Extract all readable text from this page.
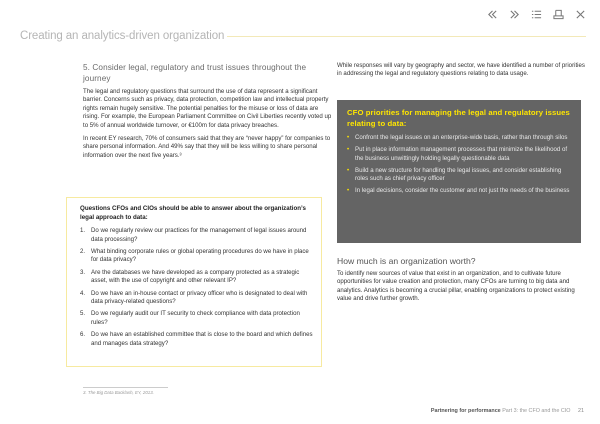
Creating an analytics-driven organization
5. Consider legal, regulatory and trust issues throughout the journey

The legal and regulatory questions that surround the use of data represent a significant barrier. Concerns such as privacy, data protection, competition law and intellectual property rights remain hugely sensitive. The potential penalties for the misuse or loss of data are rising. For example, the European Parliament Committee on Civil Liberties recently voted up to 5% of annual worldwide turnover, or €100m for data privacy breaches.

In recent EY research, 70% of consumers said that they are “never happy” for companies to share personal information. And 49% say that they will be less willing to share personal information over the next five years.³

Questions CFOs and CIOs should be able to answer about the organization’s legal approach to data:
1. Do we regularly review our practices for the management of legal issues around data processing?
2. What binding corporate rules or global operating procedures do we have in place for data privacy?
3. Are the databases we have developed as a company protected as a strategic asset, with the use of copyright and other relevant IP?
4. Do we have an in-house contact or privacy officer who is designated to deal with data privacy-related questions?
5. Do we regularly audit our IT security to check compliance with data protection rules?
6. Do we have an established committee that is close to the board and which defines and manages data strategy?

While responses will vary by geography and sector, we have identified a number of priorities in addressing the legal and regulatory questions relating to data usage.

CFO priorities for managing the legal and regulatory issues relating to data:
• Confront the legal issues on an enterprise-wide basis, rather than through silos
• Put in place information management processes that minimize the likelihood of the business unwittingly holding legally questionable data
• Build a new structure for handling the legal issues, and consider establishing roles such as chief privacy officer
• In legal decisions, consider the customer and not just the needs of the business
How much is an organization worth?

To identify new sources of value that exist in an organization, and to cultivate future opportunities for value creation and protection, many CFOs are turning to big data and analytics. Analytics is becoming a crucial pillar, enabling organizations to protect existing value and drive further growth.

3. The Big Data Backlash, EY, 2013.
Partnering for performance Part 3: the CFO and the CIO 21
